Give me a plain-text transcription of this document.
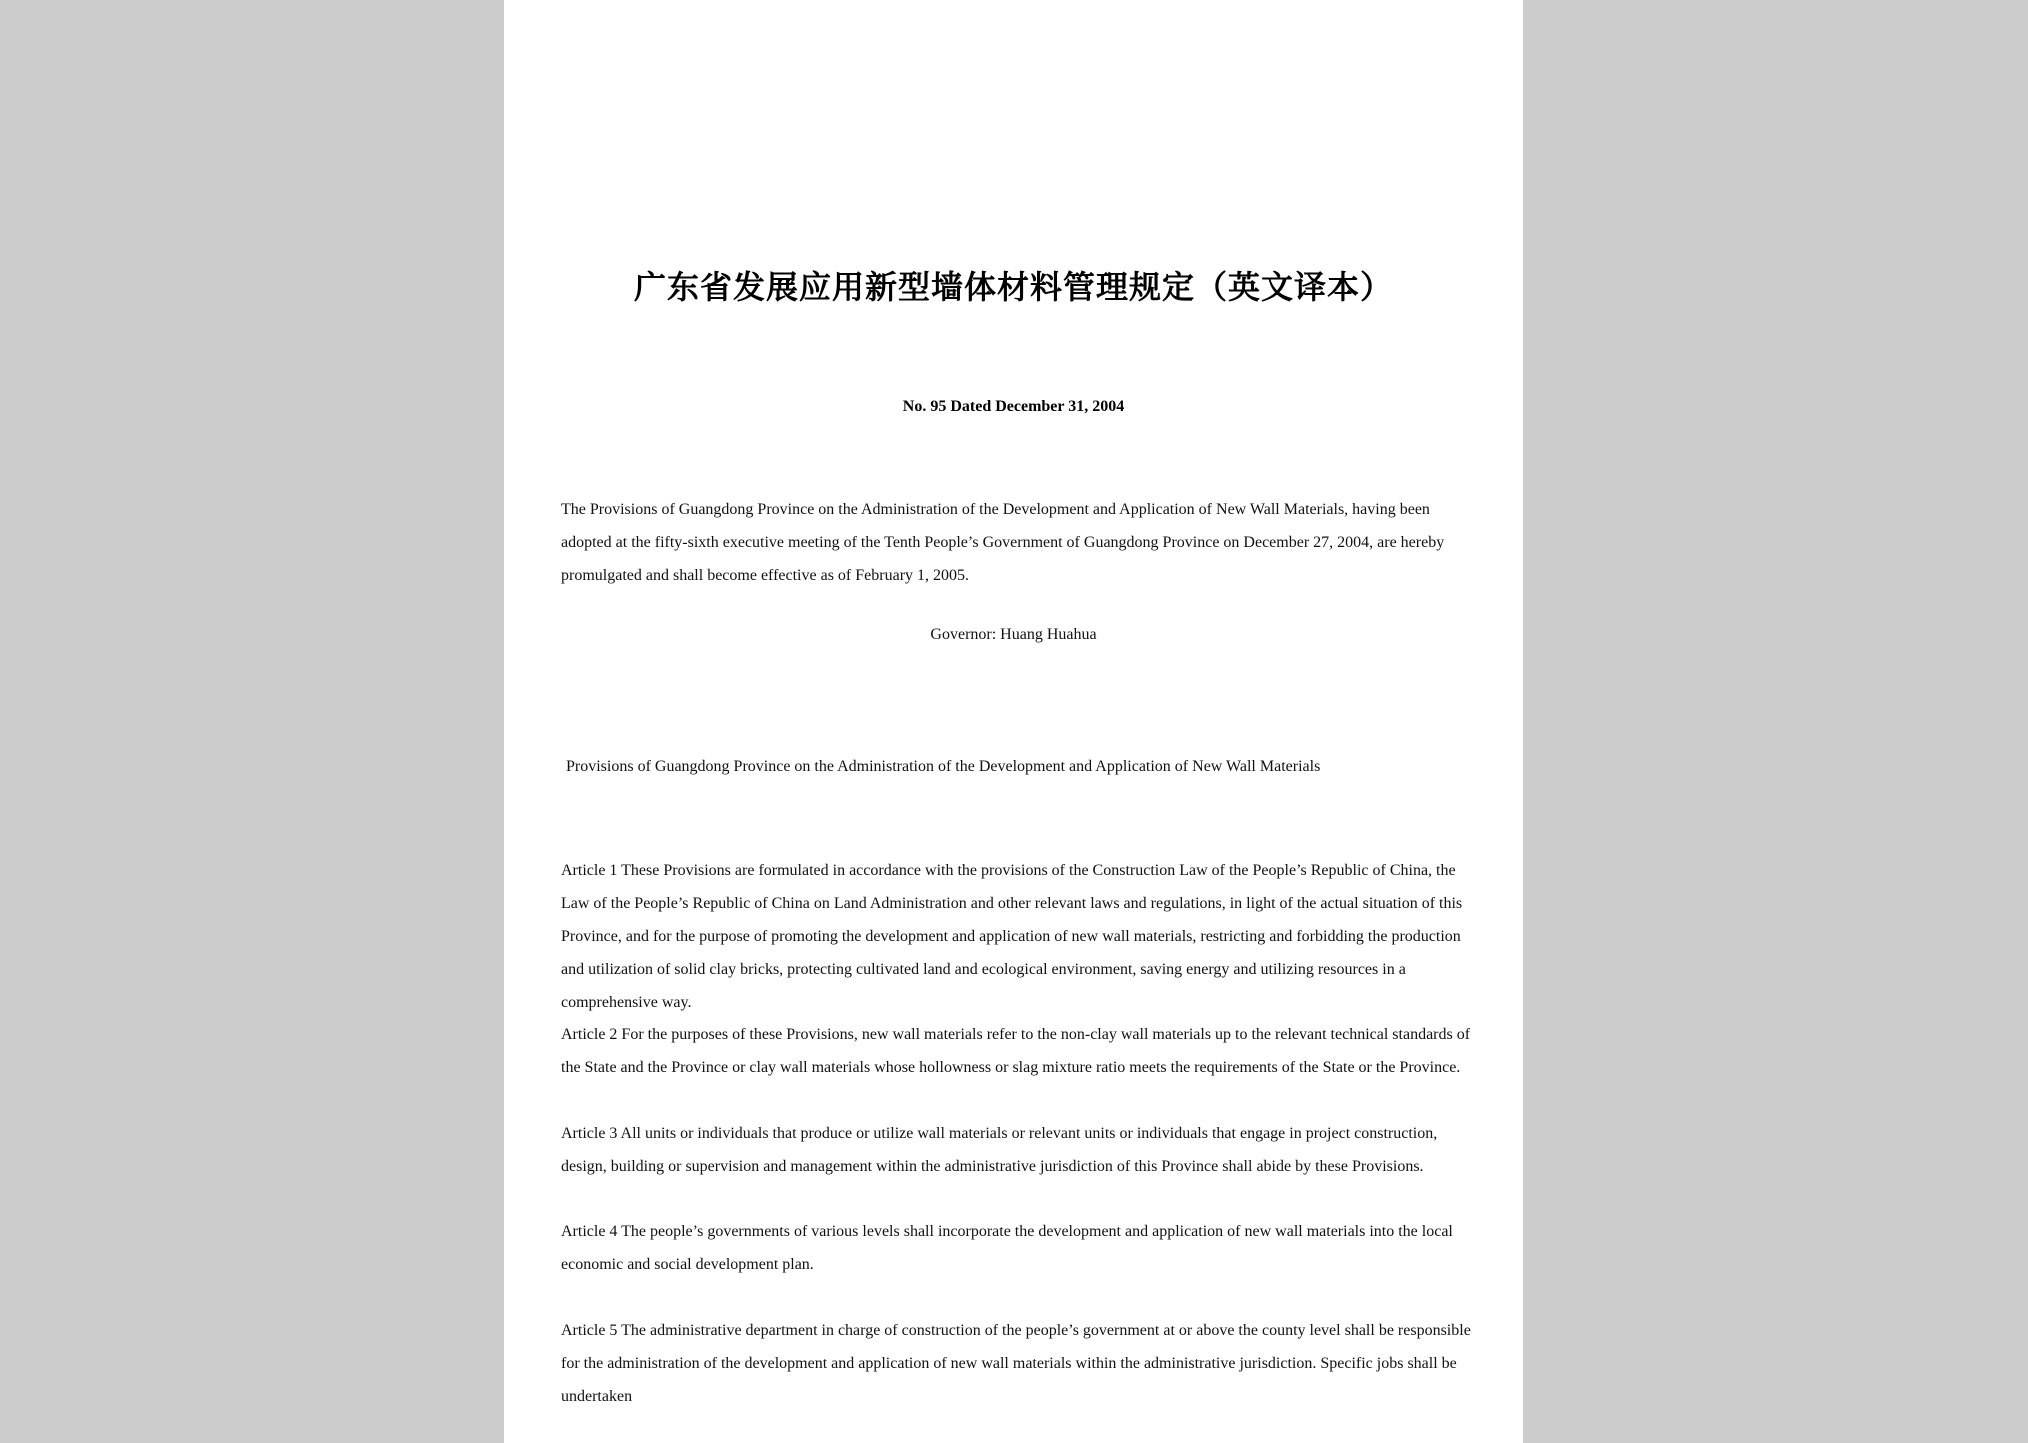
广东省发展应用新型墙体材料管理规定（英文译本）

No. 95 Dated December 31, 2004

The Provisions of Guangdong Province on the Administration of the Development and Application of New Wall Materials, having been adopted at the fifty-sixth executive meeting of the Tenth People’s Government of Guangdong Province on December 27, 2004, are hereby promulgated and shall become effective as of February 1, 2005.

Governor: Huang Huahua

Provisions of Guangdong Province on the Administration of the Development and Application of New Wall Materials

Article 1 These Provisions are formulated in accordance with the provisions of the Construction Law of the People’s Republic of China, the Law of the People’s Republic of China on Land Administration and other relevant laws and regulations, in light of the actual situation of this Province, and for the purpose of promoting the development and application of new wall materials, restricting and forbidding the production and utilization of solid clay bricks, protecting cultivated land and ecological environment, saving energy and utilizing resources in a comprehensive way.

Article 2 For the purposes of these Provisions, new wall materials refer to the non-clay wall materials up to the relevant technical standards of the State and the Province or clay wall materials whose hollowness or slag mixture ratio meets the requirements of the State or the Province.

Article 3 All units or individuals that produce or utilize wall materials or relevant units or individuals that engage in project construction, design, building or supervision and management within the administrative jurisdiction of this Province shall abide by these Provisions.

Article 4 The people’s governments of various levels shall incorporate the development and application of new wall materials into the local economic and social development plan.

Article 5 The administrative department in charge of construction of the people’s government at or above the county level shall be responsible for the administration of the development and application of new wall materials within the administrative jurisdiction. Specific jobs shall be undertaken
